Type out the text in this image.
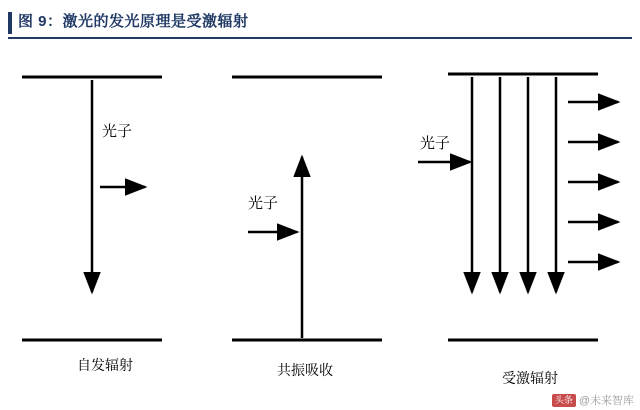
图 9：激光的发光原理是受激辐射
光子
光子
光子
自发辐射	共振吸收	受激辐射
头条 @未来智库
